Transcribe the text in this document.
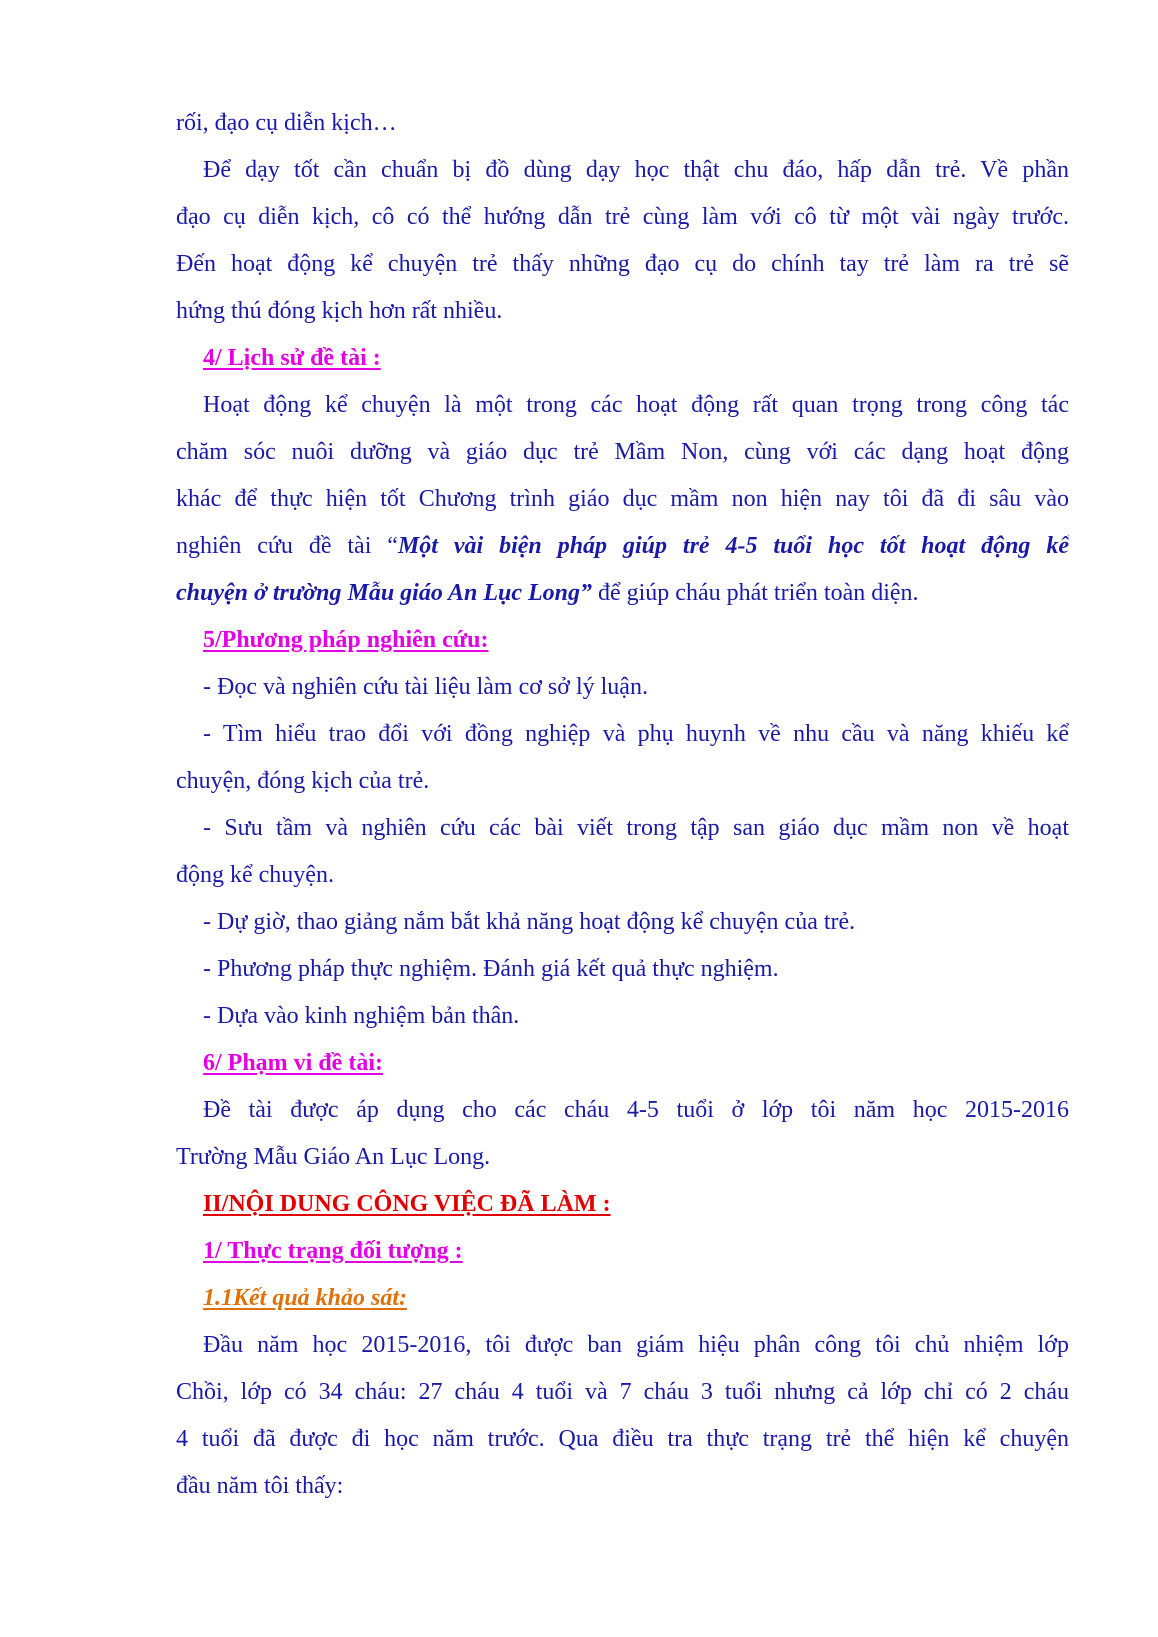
rối, đạo cụ diễn kịch…
Để dạy tốt cần chuẩn bị đồ dùng dạy học thật chu đáo, hấp dẫn trẻ. Về phần
đạo cụ diễn kịch, cô có thể hướng dẫn trẻ cùng làm với cô từ một vài ngày trước.
Đến hoạt động kể chuyện trẻ thấy những đạo cụ do chính tay trẻ làm ra trẻ sẽ
hứng thú đóng kịch hơn rất nhiều.
4/ Lịch sử đề tài :
Hoạt động kể chuyện là một trong các hoạt động rất quan trọng trong công tác
chăm sóc nuôi dưỡng và giáo dục trẻ Mầm Non, cùng với các dạng hoạt động
khác để thực hiện tốt Chương trình giáo dục mầm non hiện nay tôi đã đi sâu vào
nghiên cứu đề tài “Một vài biện pháp giúp trẻ 4-5 tuổi học tốt hoạt động kể
chuyện ở trường Mẫu giáo An Lục Long” để giúp cháu phát triển toàn diện.
5/Phương pháp nghiên cứu:
- Đọc và nghiên cứu tài liệu làm cơ sở lý luận.
- Tìm hiểu trao đổi với đồng nghiệp và phụ huynh về nhu cầu và năng khiếu kể
chuyện, đóng kịch của trẻ.
- Sưu tầm và nghiên cứu các bài viết trong tập san giáo dục mầm non về hoạt
động kể chuyện.
- Dự giờ, thao giảng nắm bắt khả năng hoạt động kể chuyện của trẻ.
- Phương pháp thực nghiệm. Đánh giá kết quả thực nghiệm.
- Dựa vào kinh nghiệm bản thân.
6/ Phạm vi đề tài:
Đề tài được áp dụng cho các cháu 4-5 tuổi ở lớp tôi năm học 2015-2016
Trường Mẫu Giáo An Lục Long.
II/NỘI DUNG CÔNG VIỆC ĐÃ LÀM :
1/ Thực trạng đối tượng :
1.1Kết quả khảo sát:
Đầu năm học 2015-2016, tôi được ban giám hiệu phân công tôi chủ nhiệm lớp
Chồi, lớp có 34 cháu: 27 cháu 4 tuổi và 7 cháu 3 tuổi nhưng cả lớp chỉ có 2 cháu
4 tuổi đã được đi học năm trước. Qua điều tra thực trạng trẻ thể hiện kể chuyện
đầu năm tôi thấy:
